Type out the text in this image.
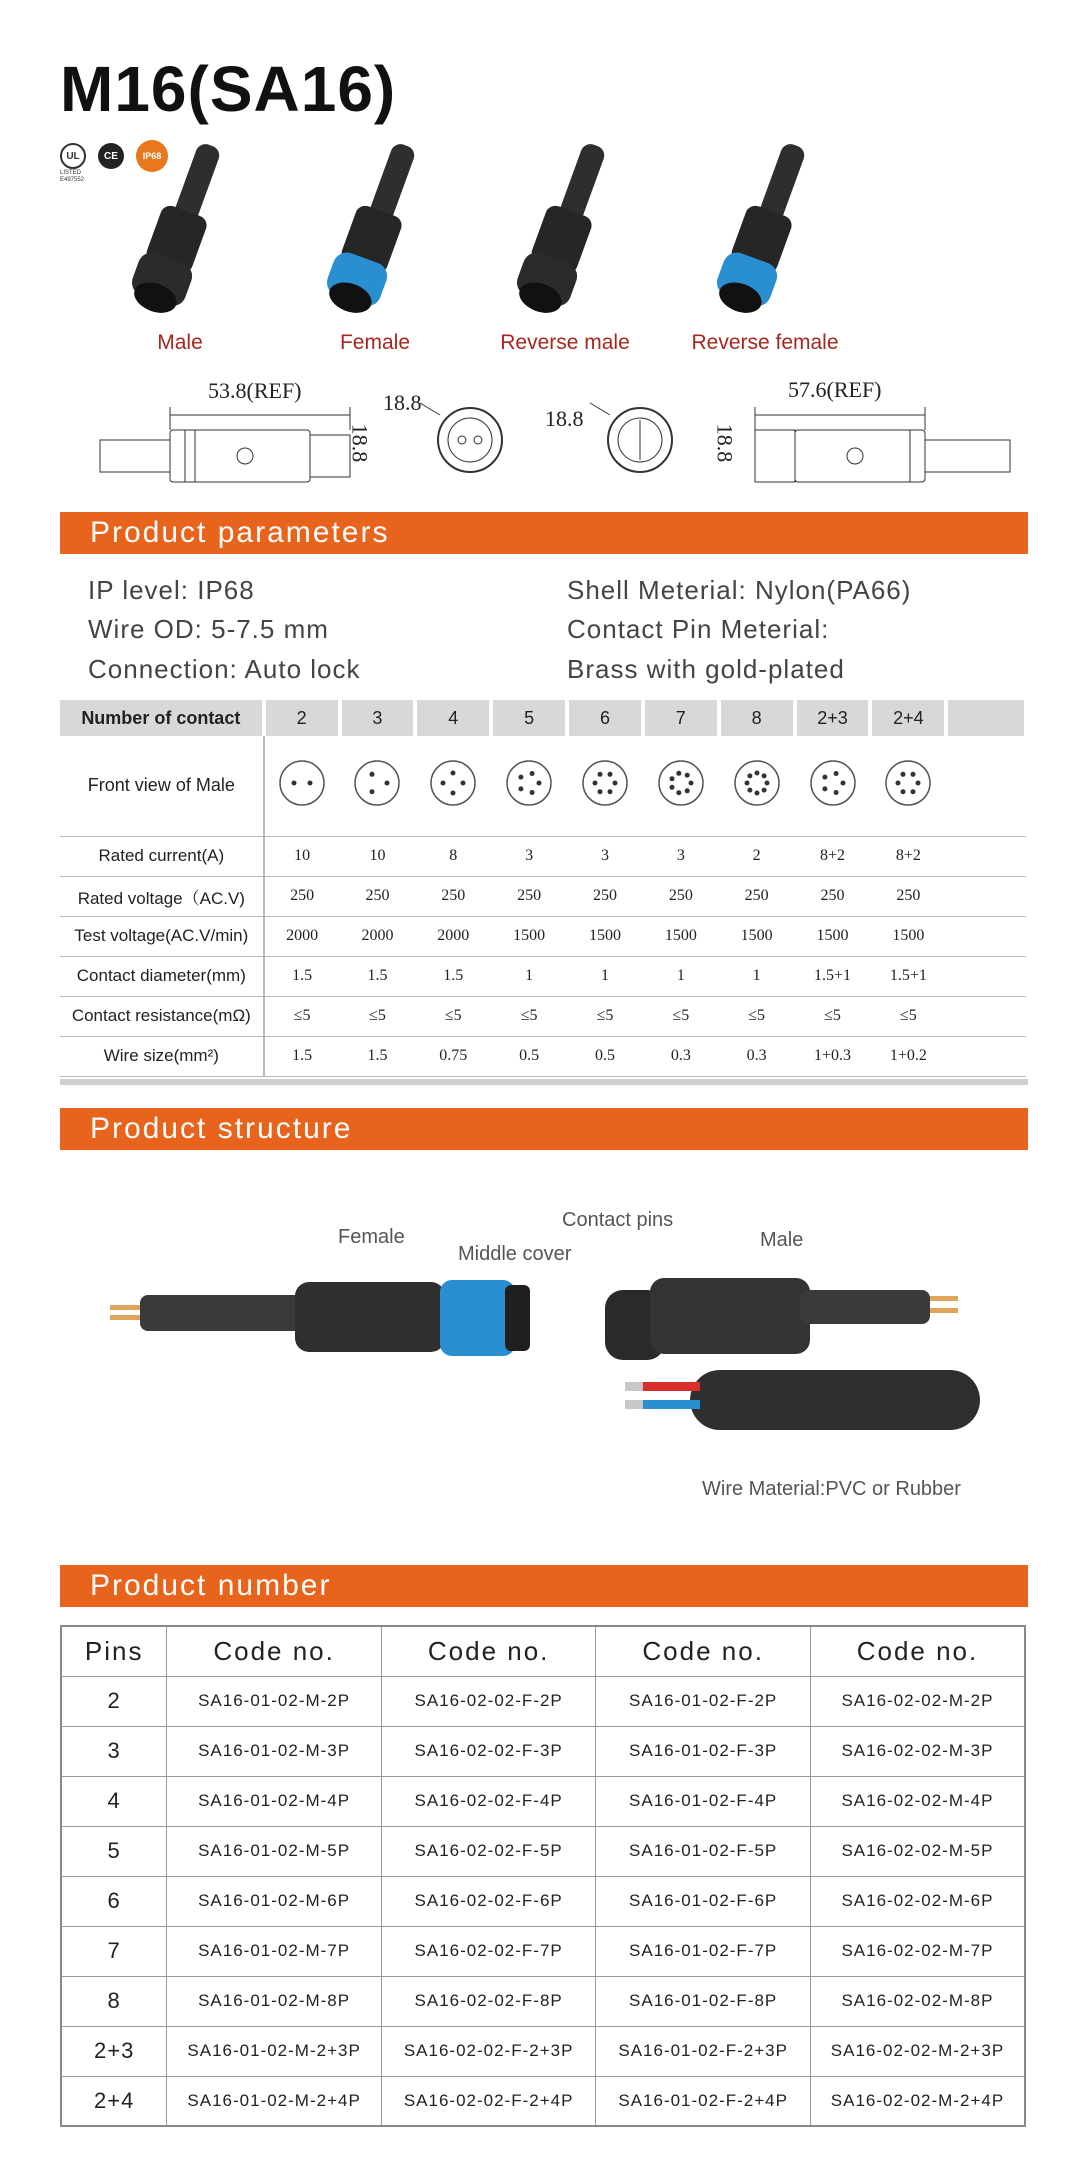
M16(SA16)
UL	CE	IP68
LISTED E497552
Male	Female	Reverse male	Reverse female
53.8(REF)
18.8
18.8
18.8
57.6(REF)
18.8
Product parameters
IP level: IP68
Wire OD: 5-7.5 mm
Connection: Auto lock
Shell Meterial: Nylon(PA66)
Contact Pin Meterial:
Brass with gold-plated
Number of contact	2	3	4	5	6	7	8	2+3	2+4	
Front view of Male										
Rated current(A)	10	10	8	3	3	3	2	8+2	8+2	
Rated voltage（AC.V)	250	250	250	250	250	250	250	250	250	
Test voltage(AC.V/min)	2000	2000	2000	1500	1500	1500	1500	1500	1500	
Contact diameter(mm)	1.5	1.5	1.5	1	1	1	1	1.5+1	1.5+1	
Contact resistance(mΩ)	≤5	≤5	≤5	≤5	≤5	≤5	≤5	≤5	≤5	
Wire size(mm²)	1.5	1.5	0.75	0.5	0.5	0.3	0.3	1+0.3	1+0.2	
Product structure
Female
Middle cover
Contact pins
Male
Wire Material:PVC or Rubber
Product number
Pins	Code no.	Code no.	Code no.	Code no.
2	SA16-01-02-M-2P	SA16-02-02-F-2P	SA16-01-02-F-2P	SA16-02-02-M-2P
3	SA16-01-02-M-3P	SA16-02-02-F-3P	SA16-01-02-F-3P	SA16-02-02-M-3P
4	SA16-01-02-M-4P	SA16-02-02-F-4P	SA16-01-02-F-4P	SA16-02-02-M-4P
5	SA16-01-02-M-5P	SA16-02-02-F-5P	SA16-01-02-F-5P	SA16-02-02-M-5P
6	SA16-01-02-M-6P	SA16-02-02-F-6P	SA16-01-02-F-6P	SA16-02-02-M-6P
7	SA16-01-02-M-7P	SA16-02-02-F-7P	SA16-01-02-F-7P	SA16-02-02-M-7P
8	SA16-01-02-M-8P	SA16-02-02-F-8P	SA16-01-02-F-8P	SA16-02-02-M-8P
2+3	SA16-01-02-M-2+3P	SA16-02-02-F-2+3P	SA16-01-02-F-2+3P	SA16-02-02-M-2+3P
2+4	SA16-01-02-M-2+4P	SA16-02-02-F-2+4P	SA16-01-02-F-2+4P	SA16-02-02-M-2+4P
